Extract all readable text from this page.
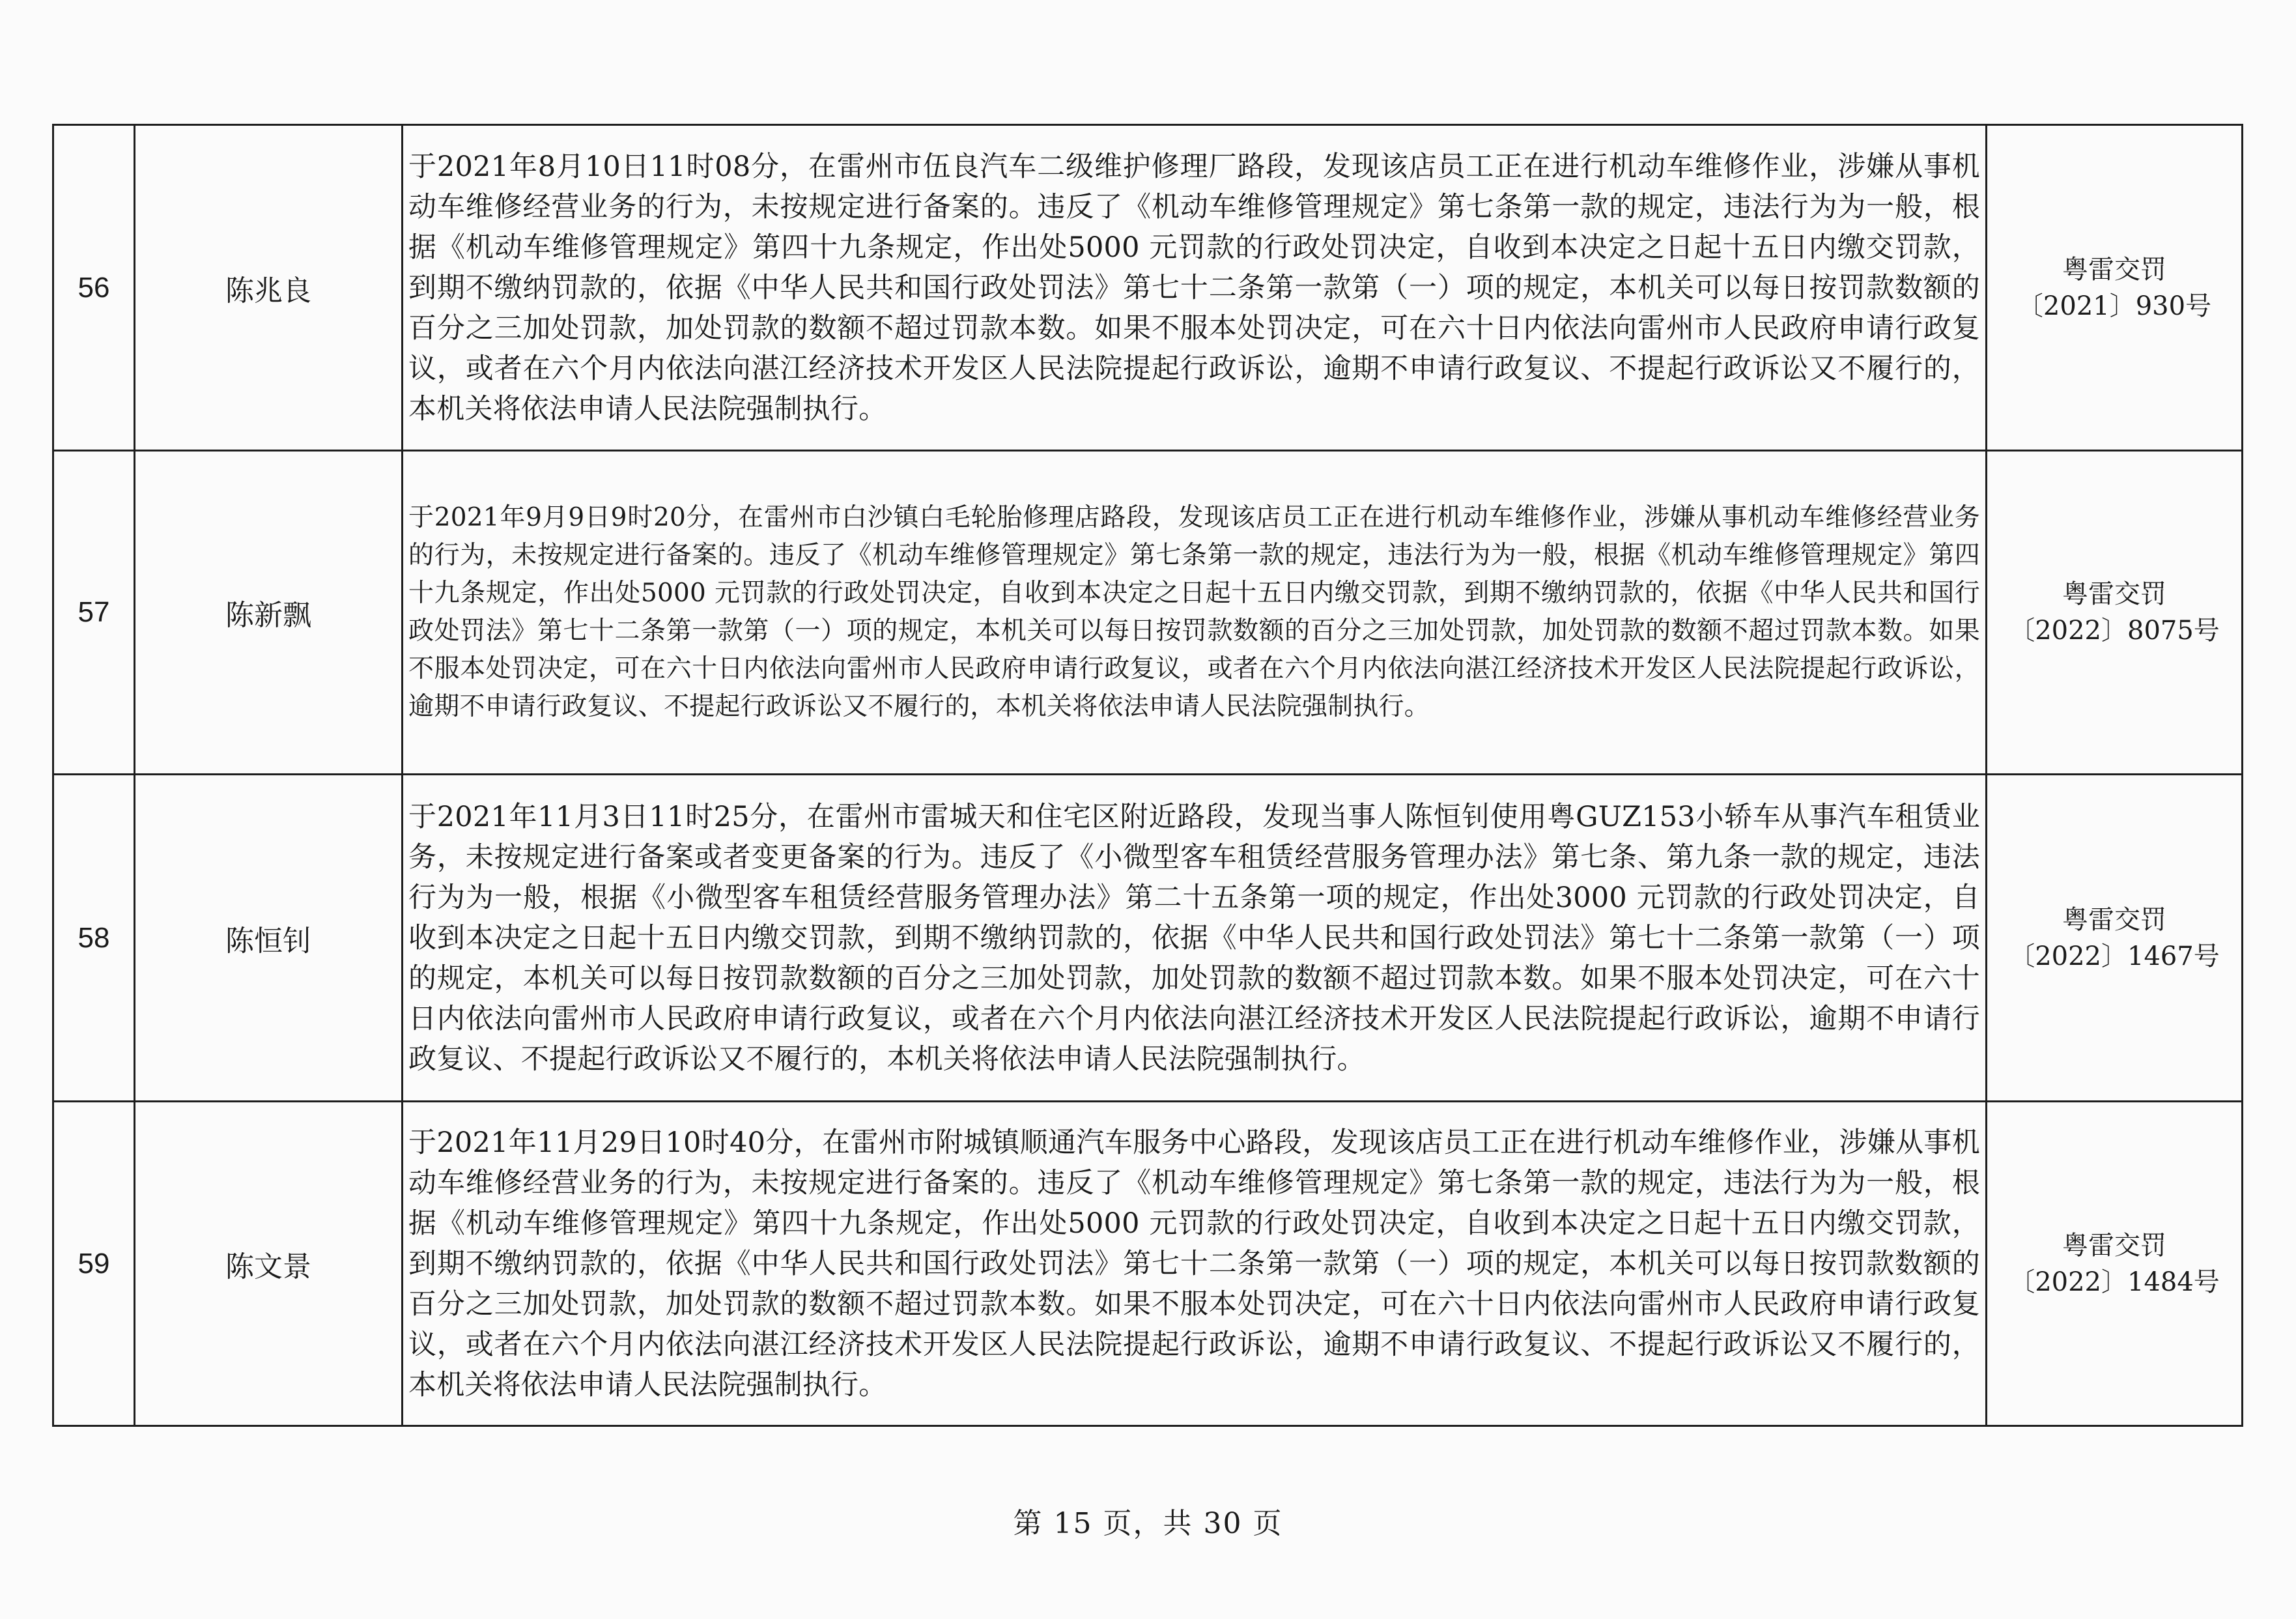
56	陈兆良	于2021年8月10日11时08分，在雷州市伍良汽车二级维护修理厂路段，发现该店员工正在进行机动车维修作业，涉嫌从事机动车维修经营业务的行为，未按规定进行备案的。违反了《机动车维修管理规定》第七条第一款的规定，违法行为为一般，根据《机动车维修管理规定》第四十九条规定，作出处5000 元罚款的行政处罚决定，自收到本决定之日起十五日内缴交罚款，到期不缴纳罚款的，依据《中华人民共和国行政处罚法》第七十二条第一款第（一）项的规定，本机关可以每日按罚款数额的百分之三加处罚款，加处罚款的数额不超过罚款本数。如果不服本处罚决定，可在六十日内依法向雷州市人民政府申请行政复议，或者在六个月内依法向湛江经济技术开发区人民法院提起行政诉讼，逾期不申请行政复议、不提起行政诉讼又不履行的，本机关将依法申请人民法院强制执行。	粤雷交罚
〔2021〕930号

57	陈新飘	于2021年9月9日9时20分，在雷州市白沙镇白毛轮胎修理店路段，发现该店员工正在进行机动车维修作业，涉嫌从事机动车维修经营业务的行为，未按规定进行备案的。违反了《机动车维修管理规定》第七条第一款的规定，违法行为为一般，根据《机动车维修管理规定》第四十九条规定，作出处5000 元罚款的行政处罚决定，自收到本决定之日起十五日内缴交罚款，到期不缴纳罚款的，依据《中华人民共和国行政处罚法》第七十二条第一款第（一）项的规定，本机关可以每日按罚款数额的百分之三加处罚款，加处罚款的数额不超过罚款本数。如果不服本处罚决定，可在六十日内依法向雷州市人民政府申请行政复议，或者在六个月内依法向湛江经济技术开发区人民法院提起行政诉讼，逾期不申请行政复议、不提起行政诉讼又不履行的，本机关将依法申请人民法院强制执行。	粤雷交罚
〔2022〕8075号

58	陈恒钊	于2021年11月3日11时25分，在雷州市雷城天和住宅区附近路段，发现当事人陈恒钊使用粤GUZ153小轿车从事汽车租赁业务，未按规定进行备案或者变更备案的行为。违反了《小微型客车租赁经营服务管理办法》第七条、第九条一款的规定，违法行为为一般，根据《小微型客车租赁经营服务管理办法》第二十五条第一项的规定，作出处3000 元罚款的行政处罚决定，自收到本决定之日起十五日内缴交罚款，到期不缴纳罚款的，依据《中华人民共和国行政处罚法》第七十二条第一款第（一）项的规定，本机关可以每日按罚款数额的百分之三加处罚款，加处罚款的数额不超过罚款本数。如果不服本处罚决定，可在六十日内依法向雷州市人民政府申请行政复议，或者在六个月内依法向湛江经济技术开发区人民法院提起行政诉讼，逾期不申请行政复议、不提起行政诉讼又不履行的，本机关将依法申请人民法院强制执行。	粤雷交罚
〔2022〕1467号

59	陈文景	于2021年11月29日10时40分，在雷州市附城镇顺通汽车服务中心路段，发现该店员工正在进行机动车维修作业，涉嫌从事机动车维修经营业务的行为，未按规定进行备案的。违反了《机动车维修管理规定》第七条第一款的规定，违法行为为一般，根据《机动车维修管理规定》第四十九条规定，作出处5000 元罚款的行政处罚决定，自收到本决定之日起十五日内缴交罚款，到期不缴纳罚款的，依据《中华人民共和国行政处罚法》第七十二条第一款第（一）项的规定，本机关可以每日按罚款数额的百分之三加处罚款，加处罚款的数额不超过罚款本数。如果不服本处罚决定，可在六十日内依法向雷州市人民政府申请行政复议，或者在六个月内依法向湛江经济技术开发区人民法院提起行政诉讼，逾期不申请行政复议、不提起行政诉讼又不履行的，本机关将依法申请人民法院强制执行。	粤雷交罚
〔2022〕1484号
第 15 页，共 30 页
